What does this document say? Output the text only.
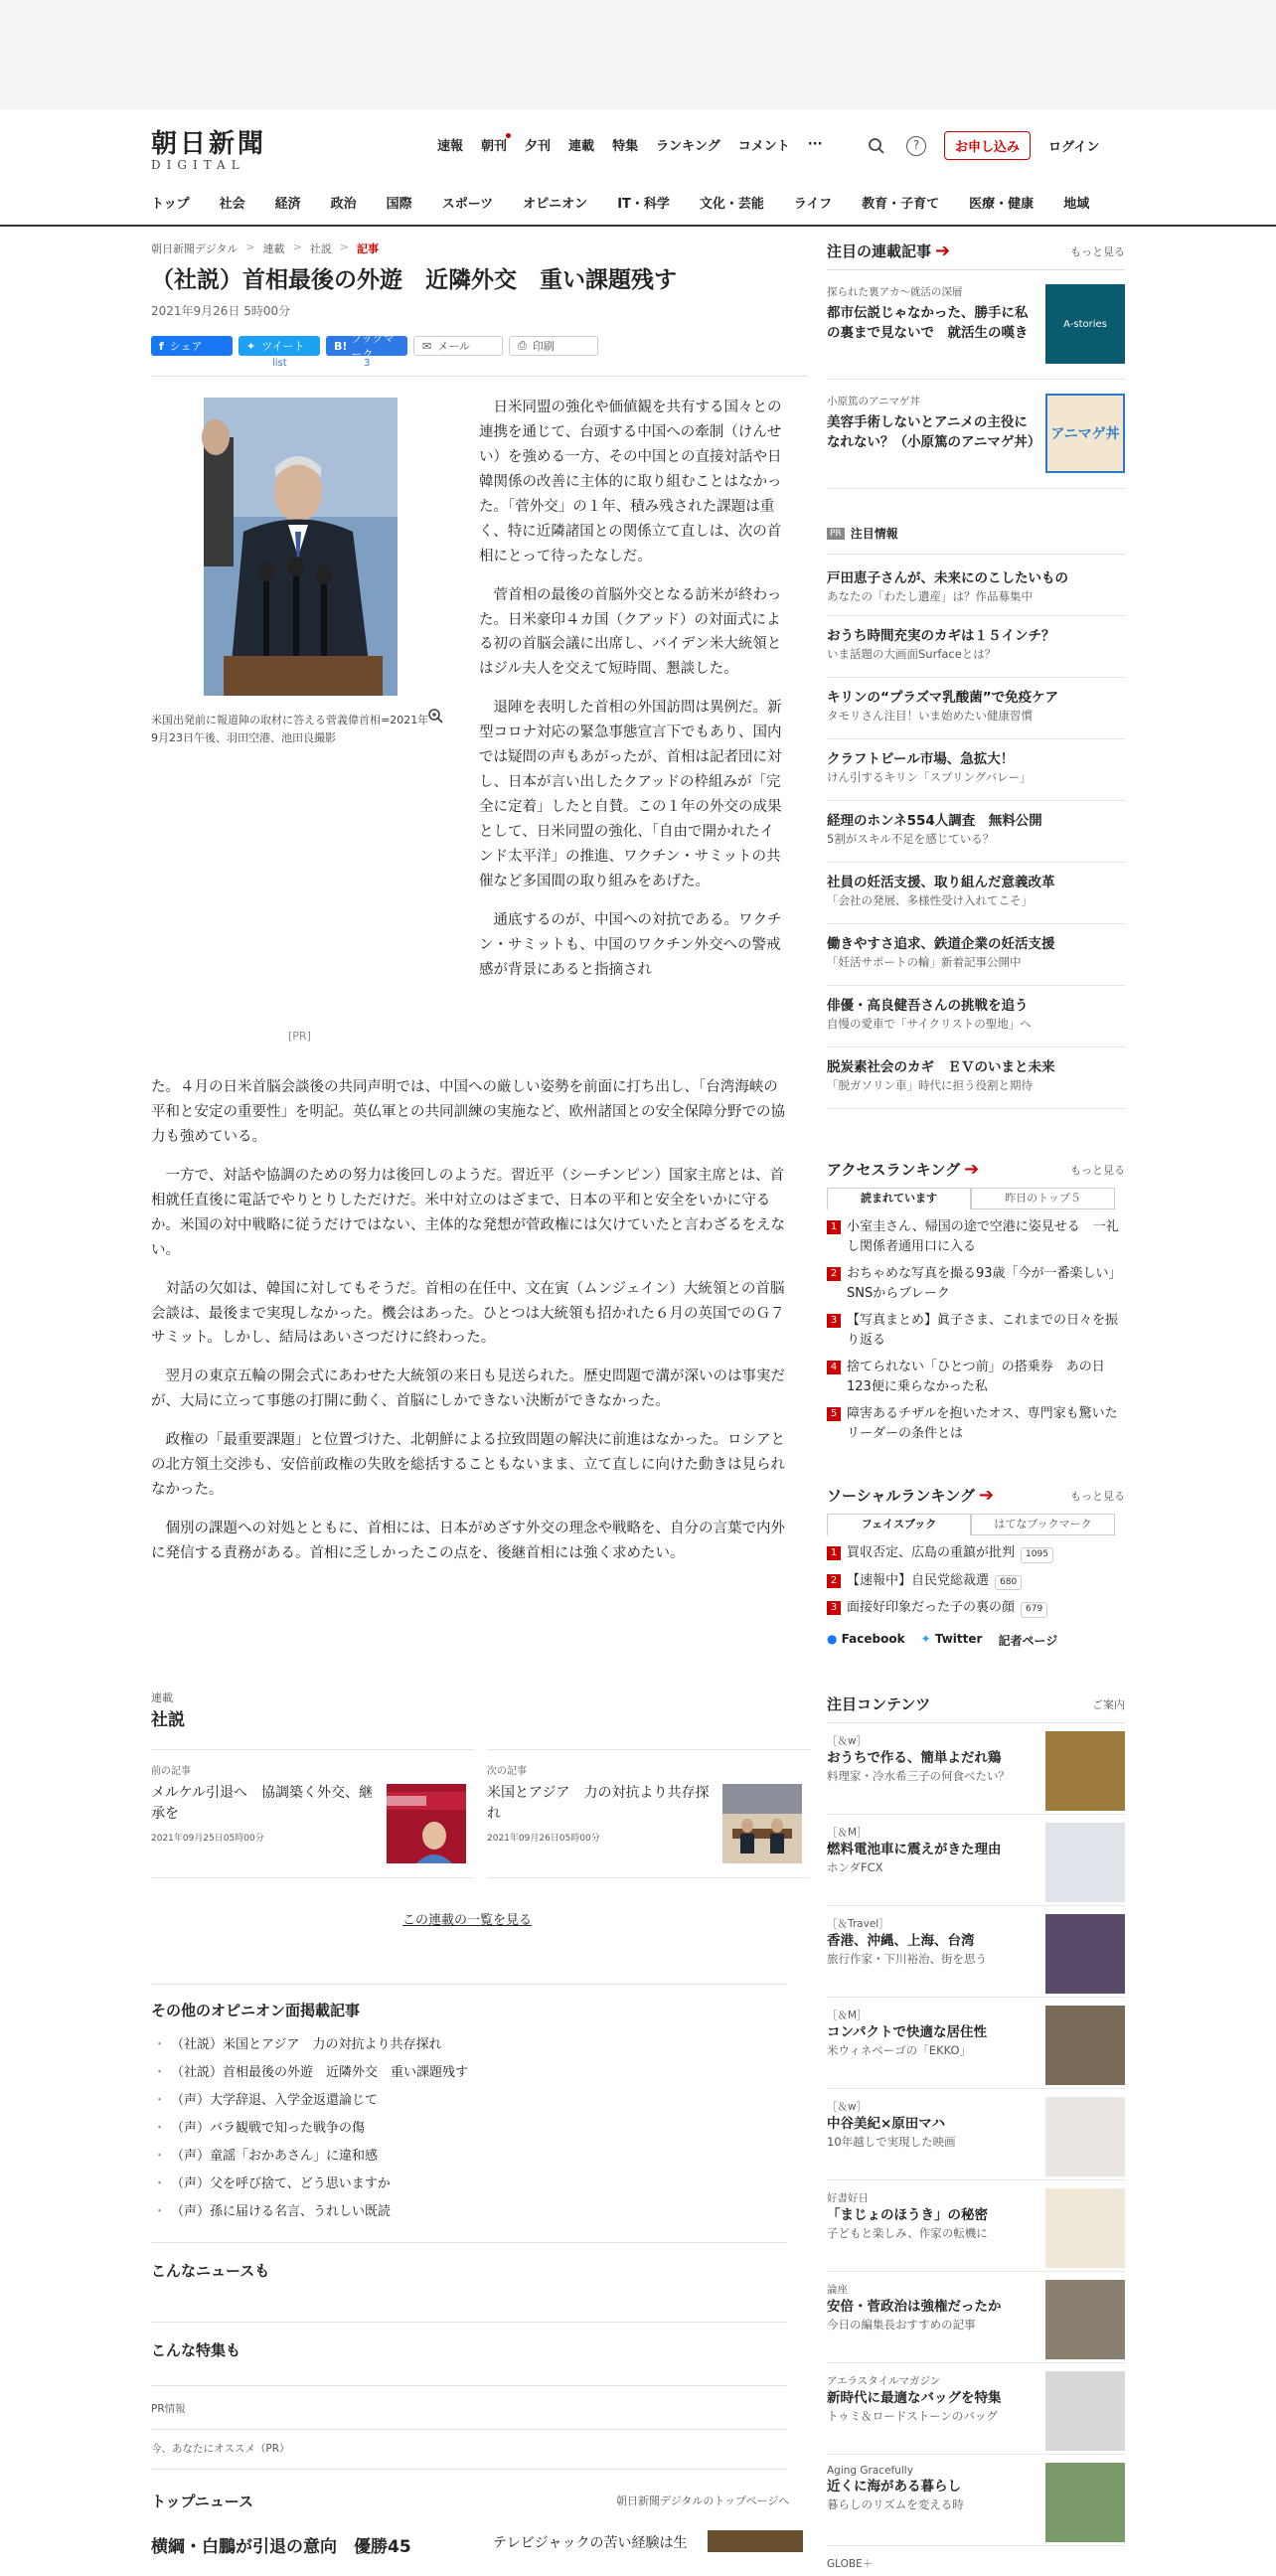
朝日新聞
DIGITAL
速報 朝刊 夕刊 連載 特集 ランキング コメント ···	?	お申し込み	ログイン
トップ 社会 経済 政治 国際 スポーツ オピニオン IT・科学 文化・芸能 ライフ 教育・子育て 医療・健康 地域
朝日新聞デジタル > 連載 > 社説 > 記事
（社説）首相最後の外遊　近隣外交　重い課題残す
2021年9月26日 5時00分
f シェア	✦ ツイート
list
B!
ブックマーク
3
✉ メール	⎙ 印刷
米国出発前に報道陣の取材に答える菅義偉首相=2021年9月23日午後、羽田空港、池田良撮影
[PR]

日米同盟の強化や価値観を共有する国々との連携を通じて、台頭する中国への牽制（けんせい）を強める一方、その中国との直接対話や日韓関係の改善に主体的に取り組むことはなかった。「菅外交」の１年、積み残された課題は重く、特に近隣諸国との関係立て直しは、次の首相にとって待ったなしだ。

菅首相の最後の首脳外交となる訪米が終わった。日米豪印４カ国（クアッド）の対面式による初の首脳会議に出席し、バイデン米大統領とはジル夫人を交えて短時間、懇談した。

退陣を表明した首相の外国訪問は異例だ。新型コロナ対応の緊急事態宣言下でもあり、国内では疑問の声もあがったが、首相は記者団に対し、日本が言い出したクアッドの枠組みが「完全に定着」したと自賛。この１年の外交の成果として、日米同盟の強化、「自由で開かれたインド太平洋」の推進、ワクチン・サミットの共催など多国間の取り組みをあげた。

通底するのが、中国への対抗である。ワクチン・サミットも、中国のワクチン外交への警戒感が背景にあると指摘され

た。４月の日米首脳会談後の共同声明では、中国への厳しい姿勢を前面に打ち出し、「台湾海峡の平和と安定の重要性」を明記。英仏軍との共同訓練の実施など、欧州諸国との安全保障分野での協力も強めている。

一方で、対話や協調のための努力は後回しのようだ。習近平（シーチンピン）国家主席とは、首相就任直後に電話でやりとりしただけだ。米中対立のはざまで、日本の平和と安全をいかに守るか。米国の対中戦略に従うだけではない、主体的な発想が菅政権には欠けていたと言わざるをえない。

対話の欠如は、韓国に対してもそうだ。首相の在任中、文在寅（ムンジェイン）大統領との首脳会談は、最後まで実現しなかった。機会はあった。ひとつは大統領も招かれた６月の英国でのＧ７サミット。しかし、結局はあいさつだけに終わった。

翌月の東京五輪の開会式にあわせた大統領の来日も見送られた。歴史問題で溝が深いのは事実だが、大局に立って事態の打開に動く、首脳にしかできない決断ができなかった。

政権の「最重要課題」と位置づけた、北朝鮮による拉致問題の解決に前進はなかった。ロシアとの北方領土交渉も、安倍前政権の失敗を総括することもないまま、立て直しに向けた動きは見られなかった。

個別の課題への対処とともに、首相には、日本がめざす外交の理念や戦略を、自分の言葉で内外に発信する責務がある。首相に乏しかったこの点を、後継首相には強く求めたい。

連載
社説
前の記事
メルケル引退へ　協調築く外交、継承を
2021年09月25日05時00分
次の記事
米国とアジア　力の対抗より共存探れ
2021年09月26日05時00分
この連載の一覧を見る
その他のオピニオン面掲載記事
・ （社説）米国とアジア　力の対抗より共存探れ
・ （社説）首相最後の外遊　近隣外交　重い課題残す
・ （声）大学辞退、入学金返還論じて
・ （声）バラ観戦で知った戦争の傷
・ （声）童謡「おかあさん」に違和感
・ （声）父を呼び捨て、どう思いますか
・ （声）孫に届ける名言、うれしい既読
こんなニュースも
こんな特集も
PR情報
今、あなたにオススメ（PR）
トップニュース	朝日新聞デジタルのトップページへ
横綱・白鵬が引退の意向　優勝45	テレビジャックの苦い経験は生
注目の連載記事 ➔	もっと見る
探られた裏アカ～就活の深層
都市伝説じゃなかった、勝手に私の裏まで見ないで　就活生の嘆き
A-stories
小原篤のアニマゲ丼
美容手術しないとアニメの主役になれない？（小原篤のアニマゲ丼）
アニマゲ丼
PR 注目情報
戸田恵子さんが、未来にのこしたいもの
あなたの「わたし遺産」は？作品募集中
おうち時間充実のカギは１５インチ？
いま話題の大画面Surfaceとは？
キリンの“プラズマ乳酸菌”で免疫ケア
タモリさん注目！いま始めたい健康習慣
クラフトビール市場、急拡大！
けん引するキリン「スプリングバレー」
経理のホンネ554人調査　無料公開
5割がスキル不足を感じている？
社員の妊活支援、取り組んだ意義改革
「会社の発展、多様性受け入れてこそ」
働きやすさ追求、鉄道企業の妊活支援
「妊活サポートの輪」新着記事公開中
俳優・高良健吾さんの挑戦を追う
自慢の愛車で「サイクリストの聖地」へ
脱炭素社会のカギ　ＥＶのいまと未来
「脱ガソリン車」時代に担う役割と期待
アクセスランキング ➔	もっと見る
読まれています	昨日のトップ５
1 小室圭さん、帰国の途で空港に姿見せる　一礼し関係者通用口に入る
2 おちゃめな写真を撮る93歳「今が一番楽しい」　SNSからブレーク
3 【写真まとめ】眞子さま、これまでの日々を振り返る
4 捨てられない「ひとつ前」の搭乗券　あの日123便に乗らなかった私
5 障害あるチザルを抱いたオス、専門家も驚いた　リーダーの条件とは
ソーシャルランキング ➔	もっと見る
フェイスブック	はてなブックマーク
1 買収否定、広島の重鎮が批判 1095
2 【速報中】自民党総裁選 680
3 面接好印象だった子の裏の顔 679
● Facebook ✦ Twitter 記者ページ
注目コンテンツ	ご案内
［＆w］
おうちで作る、簡単よだれ鶏
料理家・冷水希三子の何食べたい？
［＆M］
燃料電池車に震えがきた理由
ホンダFCX
［＆Travel］
香港、沖縄、上海、台湾
旅行作家・下川裕治、街を思う
［＆M］
コンパクトで快適な居住性
米ウィネベーゴの「EKKO」
［＆w］
中谷美紀×原田マハ
10年越しで実現した映画
好書好日
「まじょのほうき」の秘密
子どもと楽しみ、作家の転機に
論座
安倍・菅政治は強権だったか
今日の編集長おすすめの記事
アエラスタイルマガジン
新時代に最適なバッグを特集
トゥミ＆ロードストーンのバッグ
Aging Gracefully
近くに海がある暮らし
暮らしのリズムを変える時
GLOBE＋
